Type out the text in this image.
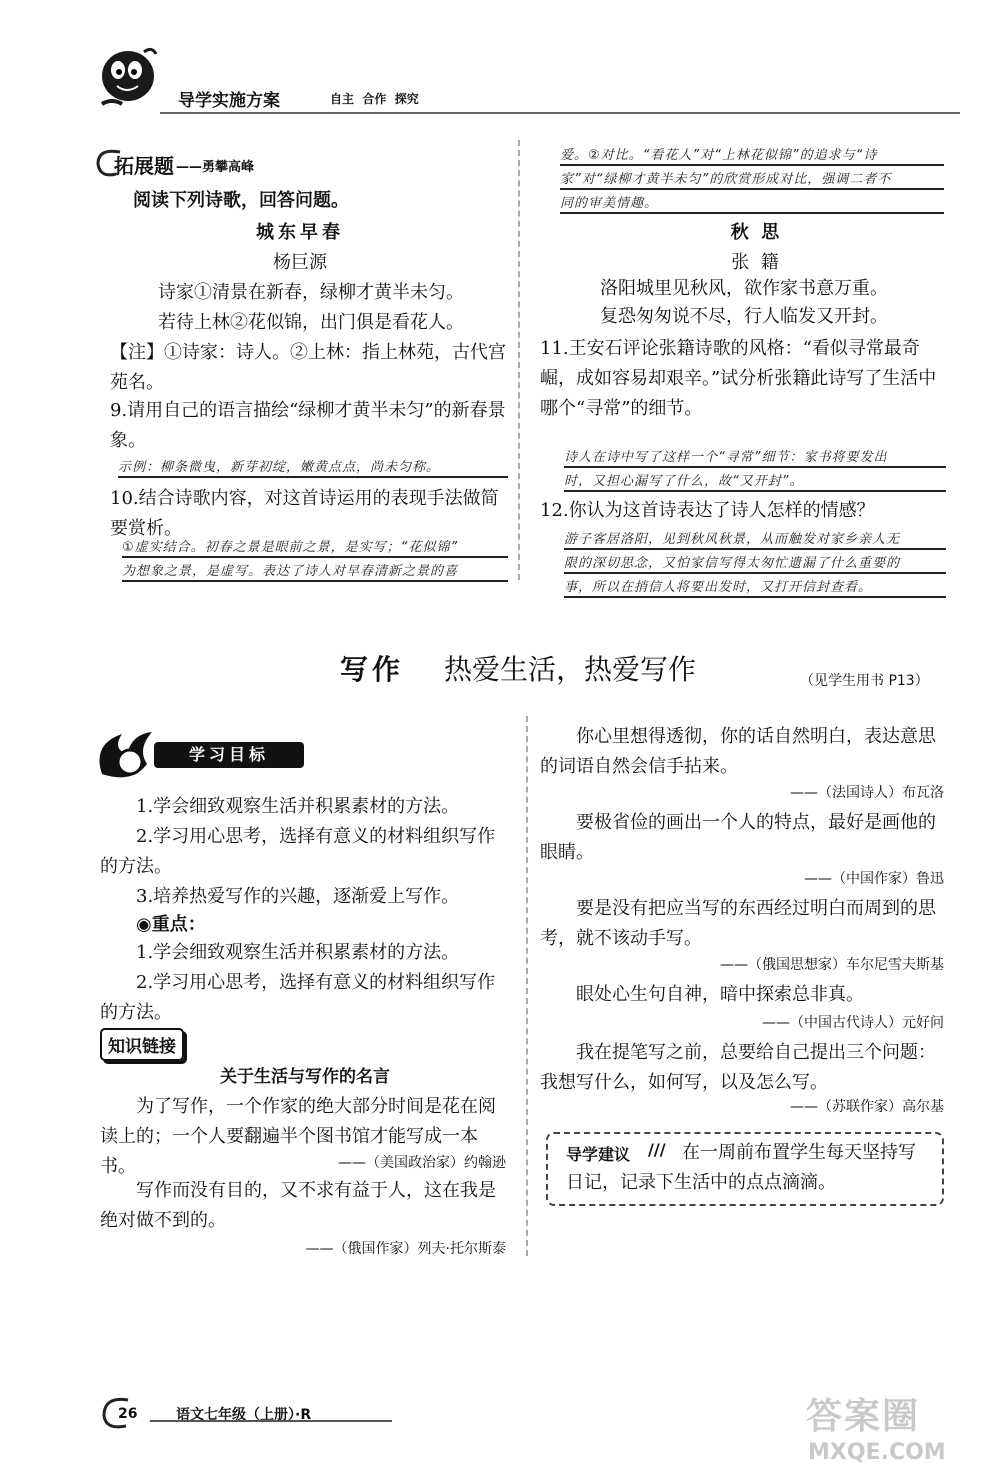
导学实施方案	自主  合作  探究
拓展题 ——勇攀高峰
阅读下列诗歌，回答问题。
城东早春
杨巨源
诗家①清景在新春，绿柳才黄半未匀。
若待上林②花似锦，出门俱是看花人。
【注】①诗家：诗人。②上林：指上林苑，古代宫苑名。
9.请用自己的语言描绘“绿柳才黄半未匀”的新春景象。
示例：柳条微曳，新芽初绽，嫩黄点点，尚未匀称。
10.结合诗歌内容，对这首诗运用的表现手法做简要赏析。
①虚实结合。初春之景是眼前之景，是实写；“花似锦”
为想象之景，是虚写。表达了诗人对早春清新之景的喜
爱。②对比。“看花人”对“上林花似锦”的追求与“诗
家”对“绿柳才黄半未匀”的欣赏形成对比，强调二者不
同的审美情趣。
秋  思
张  籍
洛阳城里见秋风，欲作家书意万重。
复恐匆匆说不尽，行人临发又开封。
11.王安石评论张籍诗歌的风格：“看似寻常最奇崛，成如容易却艰辛。”试分析张籍此诗写了生活中哪个“寻常”的细节。
诗人在诗中写了这样一个“寻常”细节：家书将要发出
时，又担心漏写了什么，故“又开封”。
12.你认为这首诗表达了诗人怎样的情感？
游子客居洛阳，见到秋风秋景，从而触发对家乡亲人无
限的深切思念，又怕家信写得太匆忙遗漏了什么重要的
事，所以在捎信人将要出发时，又打开信封查看。
写作 热爱生活，热爱写作	（见学生用书 P13）
学习目标
1.学会细致观察生活并积累素材的方法。
2.学习用心思考，选择有意义的材料组织写作的方法。
3.培养热爱写作的兴趣，逐渐爱上写作。
◉重点：
1.学会细致观察生活并积累素材的方法。
2.学习用心思考，选择有意义的材料组织写作的方法。
知识链接
关于生活与写作的名言
为了写作，一个作家的绝大部分时间是花在阅读上的；一个人要翻遍半个图书馆才能写成一本书。	——（美国政治家）约翰逊
写作而没有目的，又不求有益于人，这在我是绝对做不到的。
——（俄国作家）列夫·托尔斯泰
你心里想得透彻，你的话自然明白，表达意思的词语自然会信手拈来。
——（法国诗人）布瓦洛
要极省俭的画出一个人的特点，最好是画他的眼睛。
——（中国作家）鲁迅
要是没有把应当写的东西经过明白而周到的思考，就不该动手写。
——（俄国思想家）车尔尼雪夫斯基
眼处心生句自神，暗中探索总非真。
——（中国古代诗人）元好问
我在提笔写之前，总要给自己提出三个问题：我想写什么，如何写，以及怎么写。
——（苏联作家）高尔基
导学建议 /// 在一周前布置学生每天坚持写日记，记录下生活中的点点滴滴。
26	语文七年级（上册）·R	答案圈
MXQE.COM
